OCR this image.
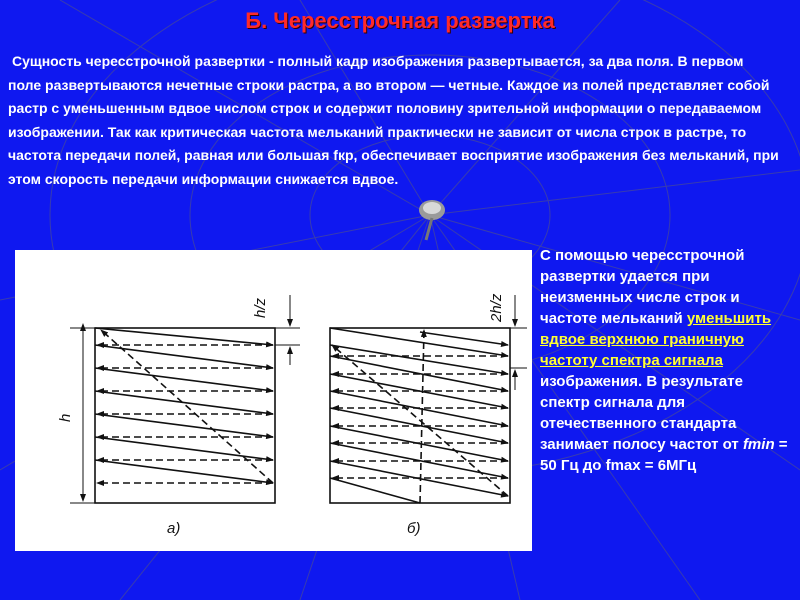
Б. Чересстрочная развертка
Сущность чересстрочной развертки - полный кадр изображения развертывается, за два поля. В первом поле развертываются нечетные строки растра, а во втором — четные. Каждое из полей представляет собой растр с уменьшенным вдвое числом строк и содержит половину зрительной информации о передаваемом изображении. Так как критическая частота мельканий практически не зависит от числа строк в растре, то частота передачи полей, равная или большая fкр, обеспечивает восприятие изображения без мельканий, при этом скорость передачи информации снижается вдвое.
h
h/z
а)
2h/z
б)
С помощью чересстрочной развертки удается при неизменных числе строк и частоте мельканий уменьшить вдвое верхнюю граничную частоту спектра сигнала изображения. В результате спектр сигнала для отечественного стандарта занимает полосу частот от fmin = 50 Гц до fmax = 6МГц
